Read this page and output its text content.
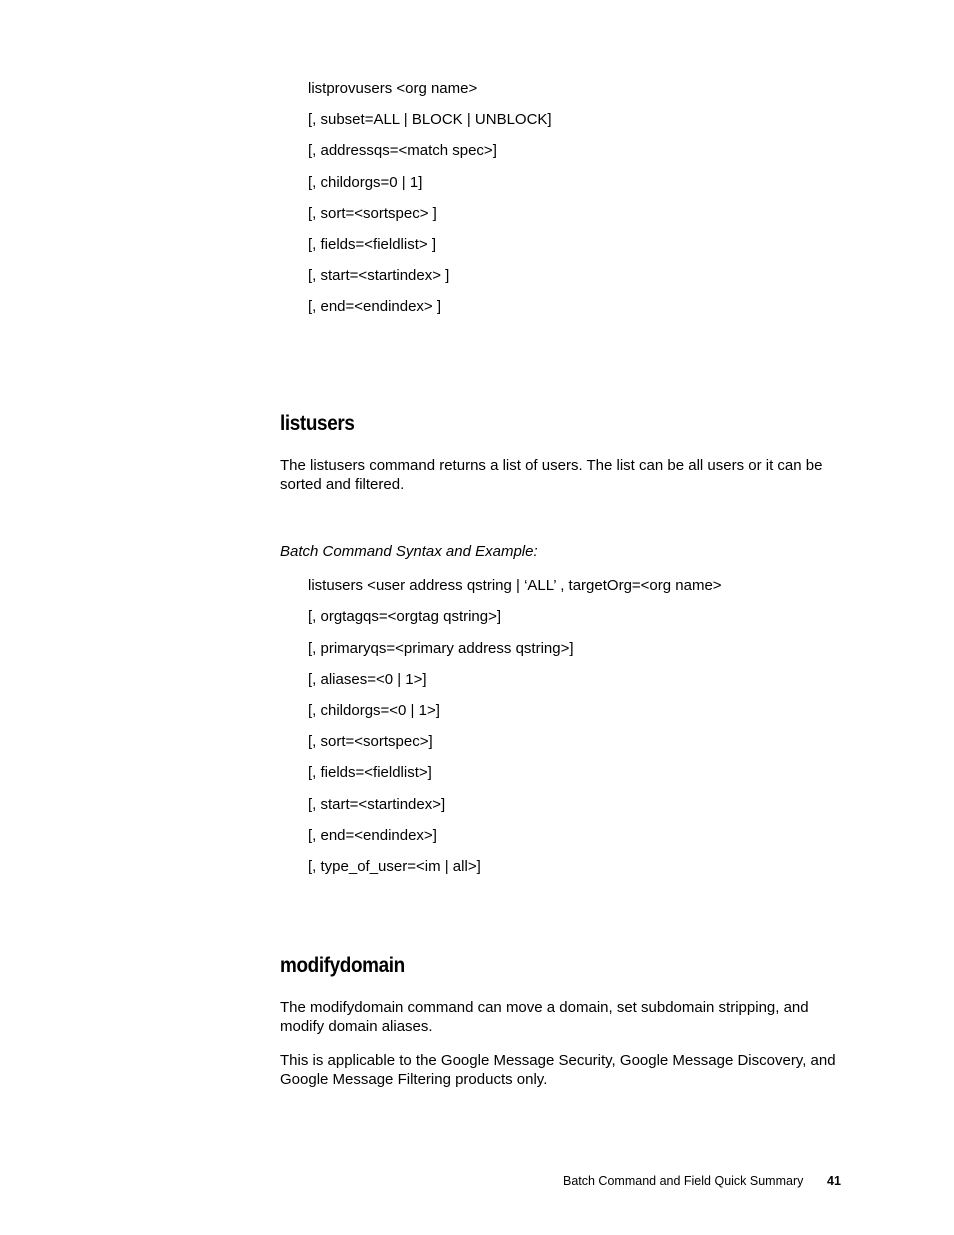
listprovusers <org name>
[, subset=ALL | BLOCK | UNBLOCK]
[, addressqs=<match spec>]
[, childorgs=0 | 1]
[, sort=<sortspec> ]
[, fields=<fieldlist> ]
[, start=<startindex> ]
[, end=<endindex> ]
listusers
The listusers command returns a list of users. The list can be all users or it can be sorted and filtered.
Batch Command Syntax and Example:
listusers <user address qstring | ‘ALL’ , targetOrg=<org name>
[, orgtagqs=<orgtag qstring>]
[, primaryqs=<primary address qstring>]
[, aliases=<0 | 1>]
[, childorgs=<0 | 1>]
[, sort=<sortspec>]
[, fields=<fieldlist>]
[, start=<startindex>]
[, end=<endindex>]
[, type_of_user=<im | all>]
modifydomain
The modifydomain command can move a domain, set subdomain stripping, and modify domain aliases.
This is applicable to the Google Message Security, Google Message Discovery, and Google Message Filtering products only.
Batch Command and Field Quick Summary 41
